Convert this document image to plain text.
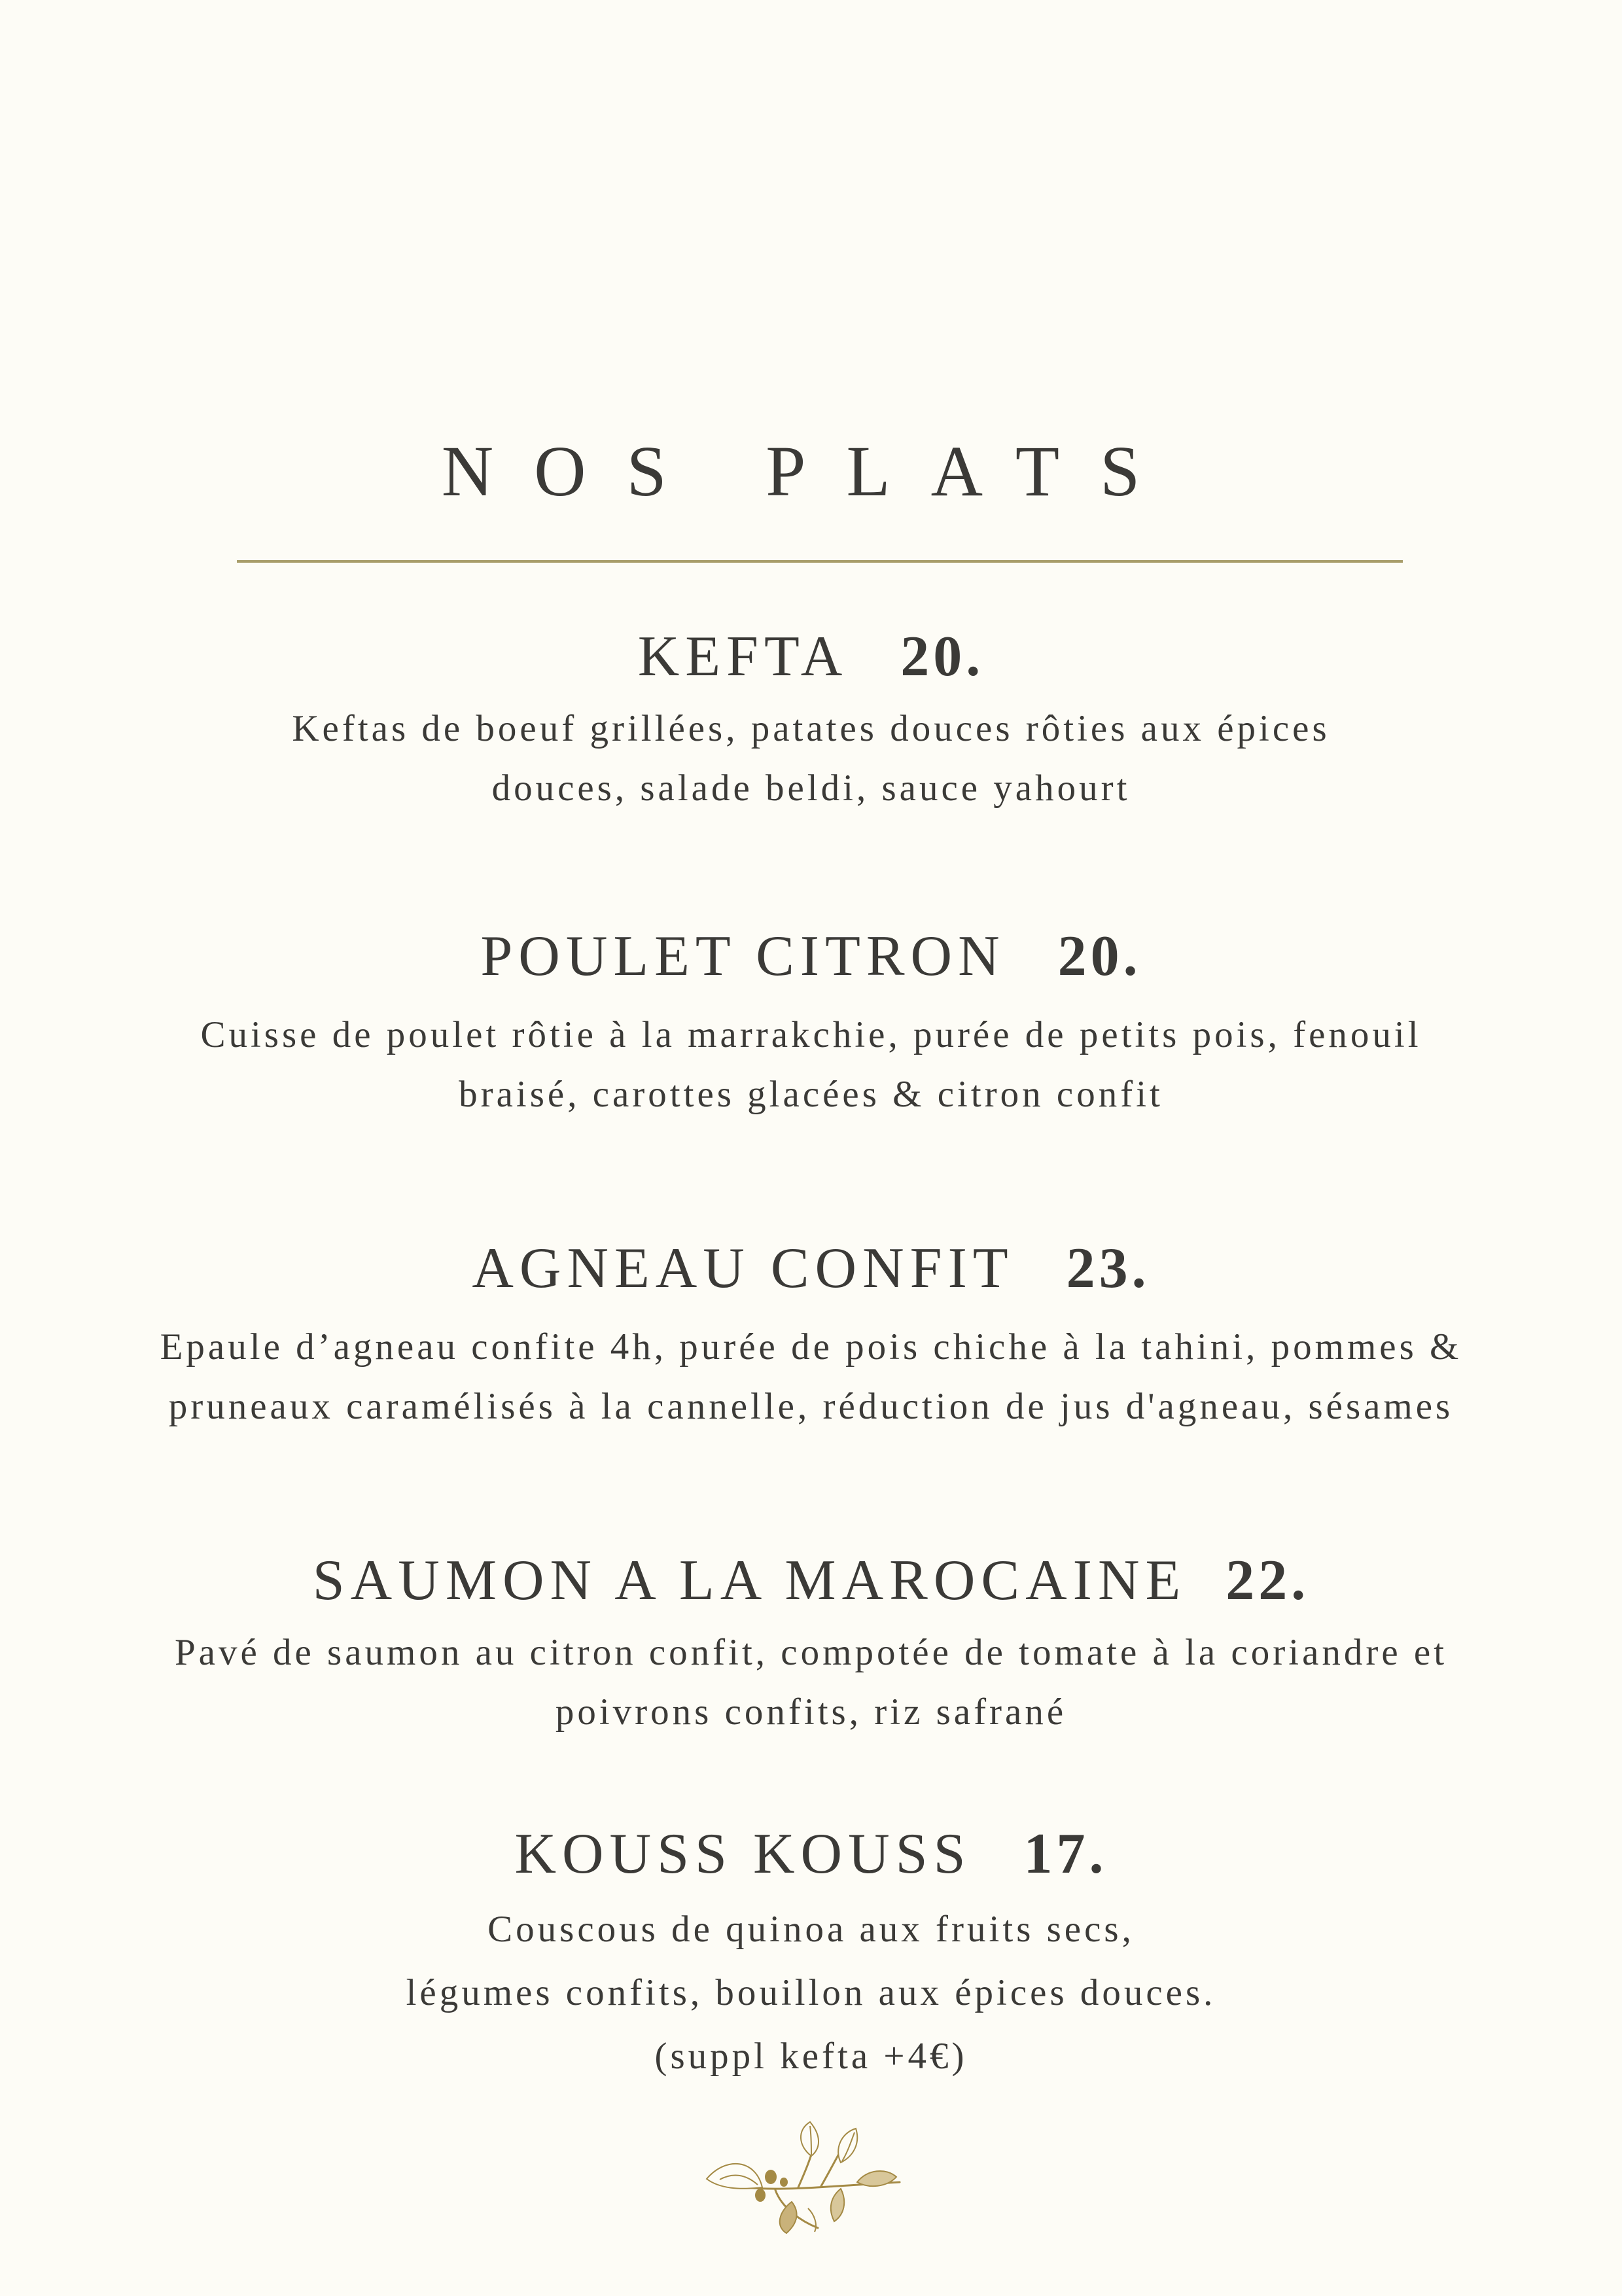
NOS PLATS
KEFTA 20.

Keftas de boeuf grillées, patates douces rôties aux épices
douces, salade beldi, sauce yahourt

POULET CITRON 20.

Cuisse de poulet rôtie à la marrakchie, purée de petits pois, fenouil
braisé, carottes glacées & citron confit

AGNEAU CONFIT 23.

Epaule d’agneau confite 4h, purée de pois chiche à la tahini, pommes &
pruneaux caramélisés à la cannelle, réduction de jus d'agneau, sésames

SAUMON A LA MAROCAINE 22.

Pavé de saumon au citron confit, compotée de tomate à la coriandre et
poivrons confits, riz safrané

KOUSS KOUSS 17.

Couscous de quinoa aux fruits secs,
légumes confits, bouillon aux épices douces.
(suppl kefta +4€)
